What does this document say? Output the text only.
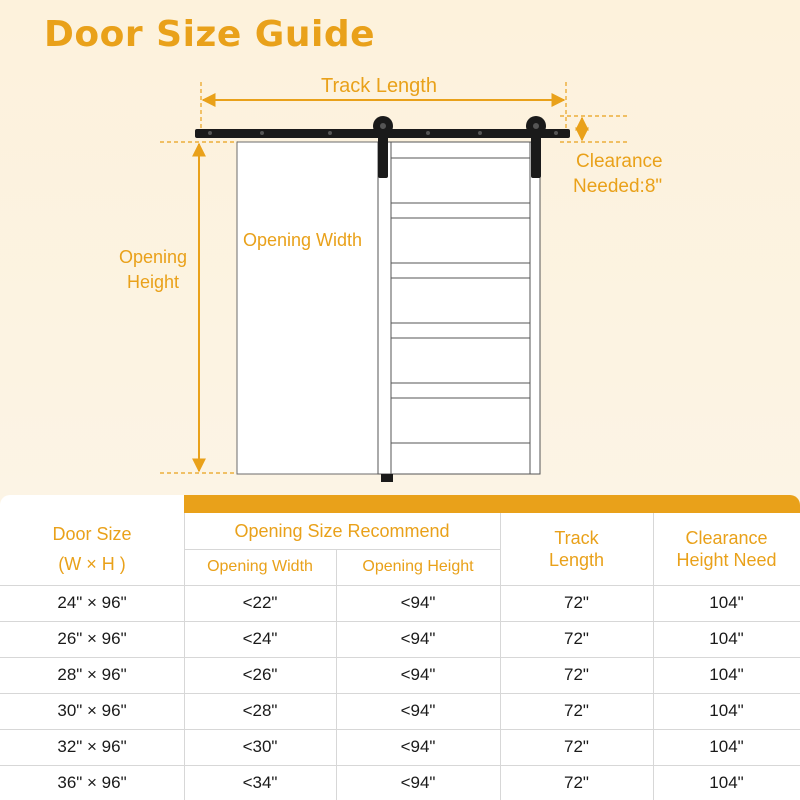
Door Size Guide
Track Length
Clearance
Needed:8"
Opening Width
Opening
Height
Door Size
(W × H )
Opening Size Recommend
Opening Width	Opening Height
Track
Length
Clearance
Height Need
24" × 96"	<22"	<94"	72"	104"
26" × 96"	<24"	<94"	72"	104"
28" × 96"	<26"	<94"	72"	104"
30" × 96"	<28"	<94"	72"	104"
32" × 96"	<30"	<94"	72"	104"
36" × 96"	<34"	<94"	72"	104"
